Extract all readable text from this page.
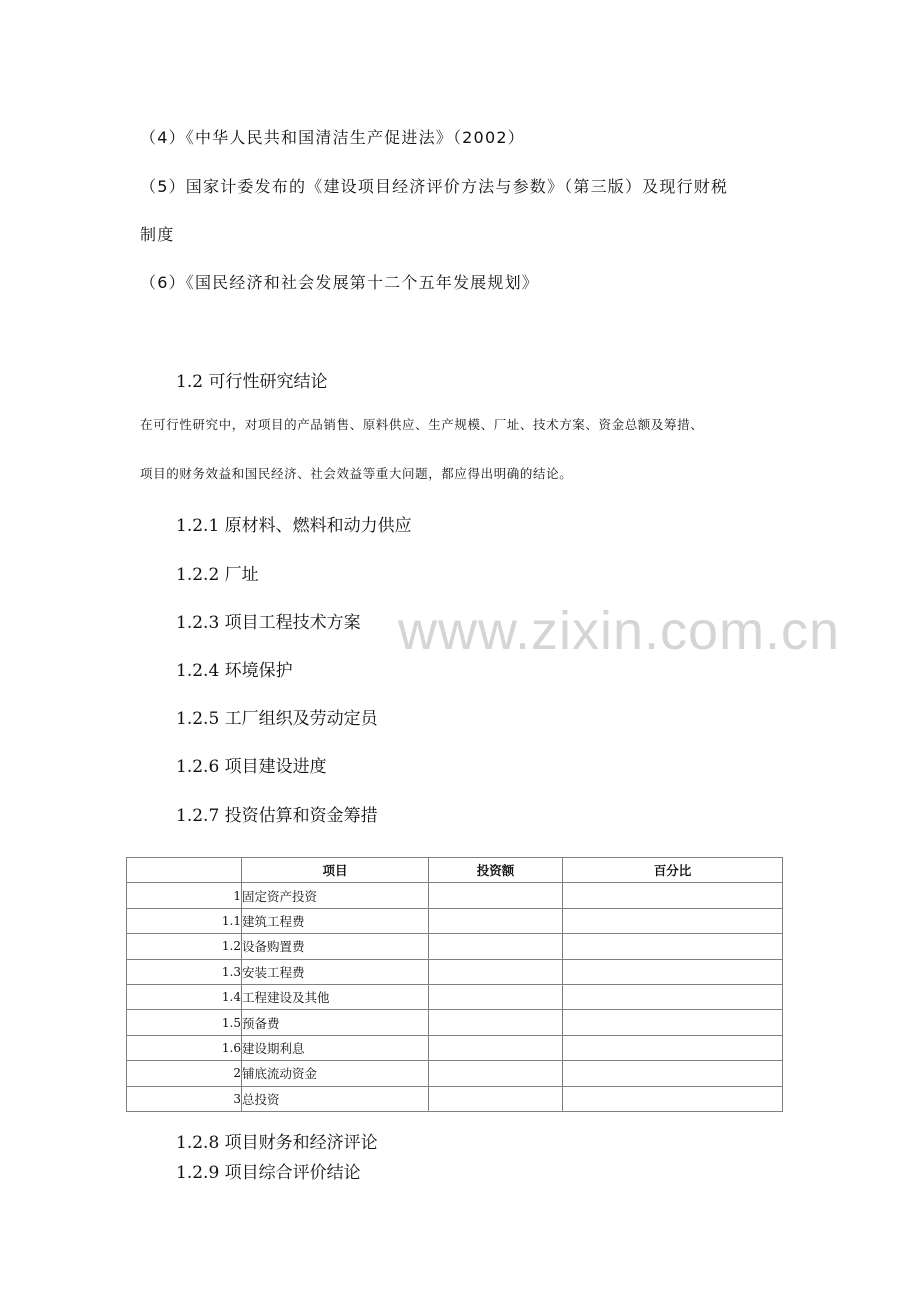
（4）《中华人民共和国清洁生产促进法》（2002）
（5）国家计委发布的《建设项目经济评价方法与参数》（第三版）及现行财税
制度
（6）《国民经济和社会发展第十二个五年发展规划》
1.2 可行性研究结论
在可行性研究中，对项目的产品销售、原料供应、生产规模、厂址、技术方案、资金总额及筹措、
项目的财务效益和国民经济、社会效益等重大问题，都应得出明确的结论。
1.2.1 原材料、燃料和动力供应
1.2.2 厂址
1.2.3 项目工程技术方案
1.2.4 环境保护
1.2.5 工厂组织及劳动定员
1.2.6 项目建设进度
1.2.7 投资估算和资金筹措
www.zixin.com.cn
	项目	投资额	百分比
1	固定资产投资		
1.1	建筑工程费		
1.2	设备购置费		
1.3	安装工程费		
1.4	工程建设及其他		
1.5	预备费		
1.6	建设期利息		
2	铺底流动资金		
3	总投资		
1.2.8 项目财务和经济评论
1.2.9 项目综合评价结论
